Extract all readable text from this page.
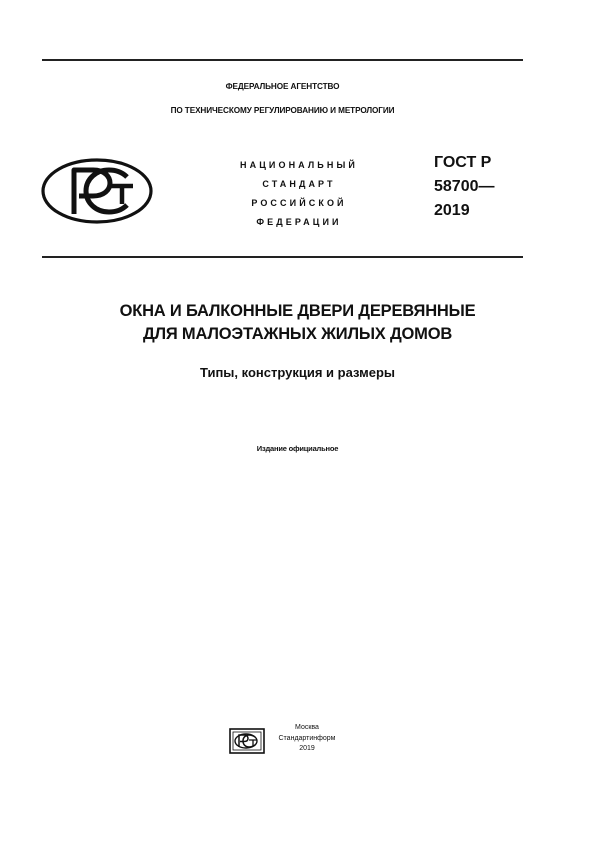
ФЕДЕРАЛЬНОЕ АГЕНТСТВО
ПО ТЕХНИЧЕСКОМУ РЕГУЛИРОВАНИЮ И МЕТРОЛОГИИ
НАЦИОНАЛЬНЫЙ
СТАНДАРТ
РОССИЙСКОЙ
ФЕДЕРАЦИИ
ГОСТ Р
58700—
2019
ОКНА И БАЛКОННЫЕ ДВЕРИ ДЕРЕВЯННЫЕ
ДЛЯ МАЛОЭТАЖНЫХ ЖИЛЫХ ДОМОВ
Типы, конструкция и размеры
Издание официальное
Москва
Стандартинформ
2019
